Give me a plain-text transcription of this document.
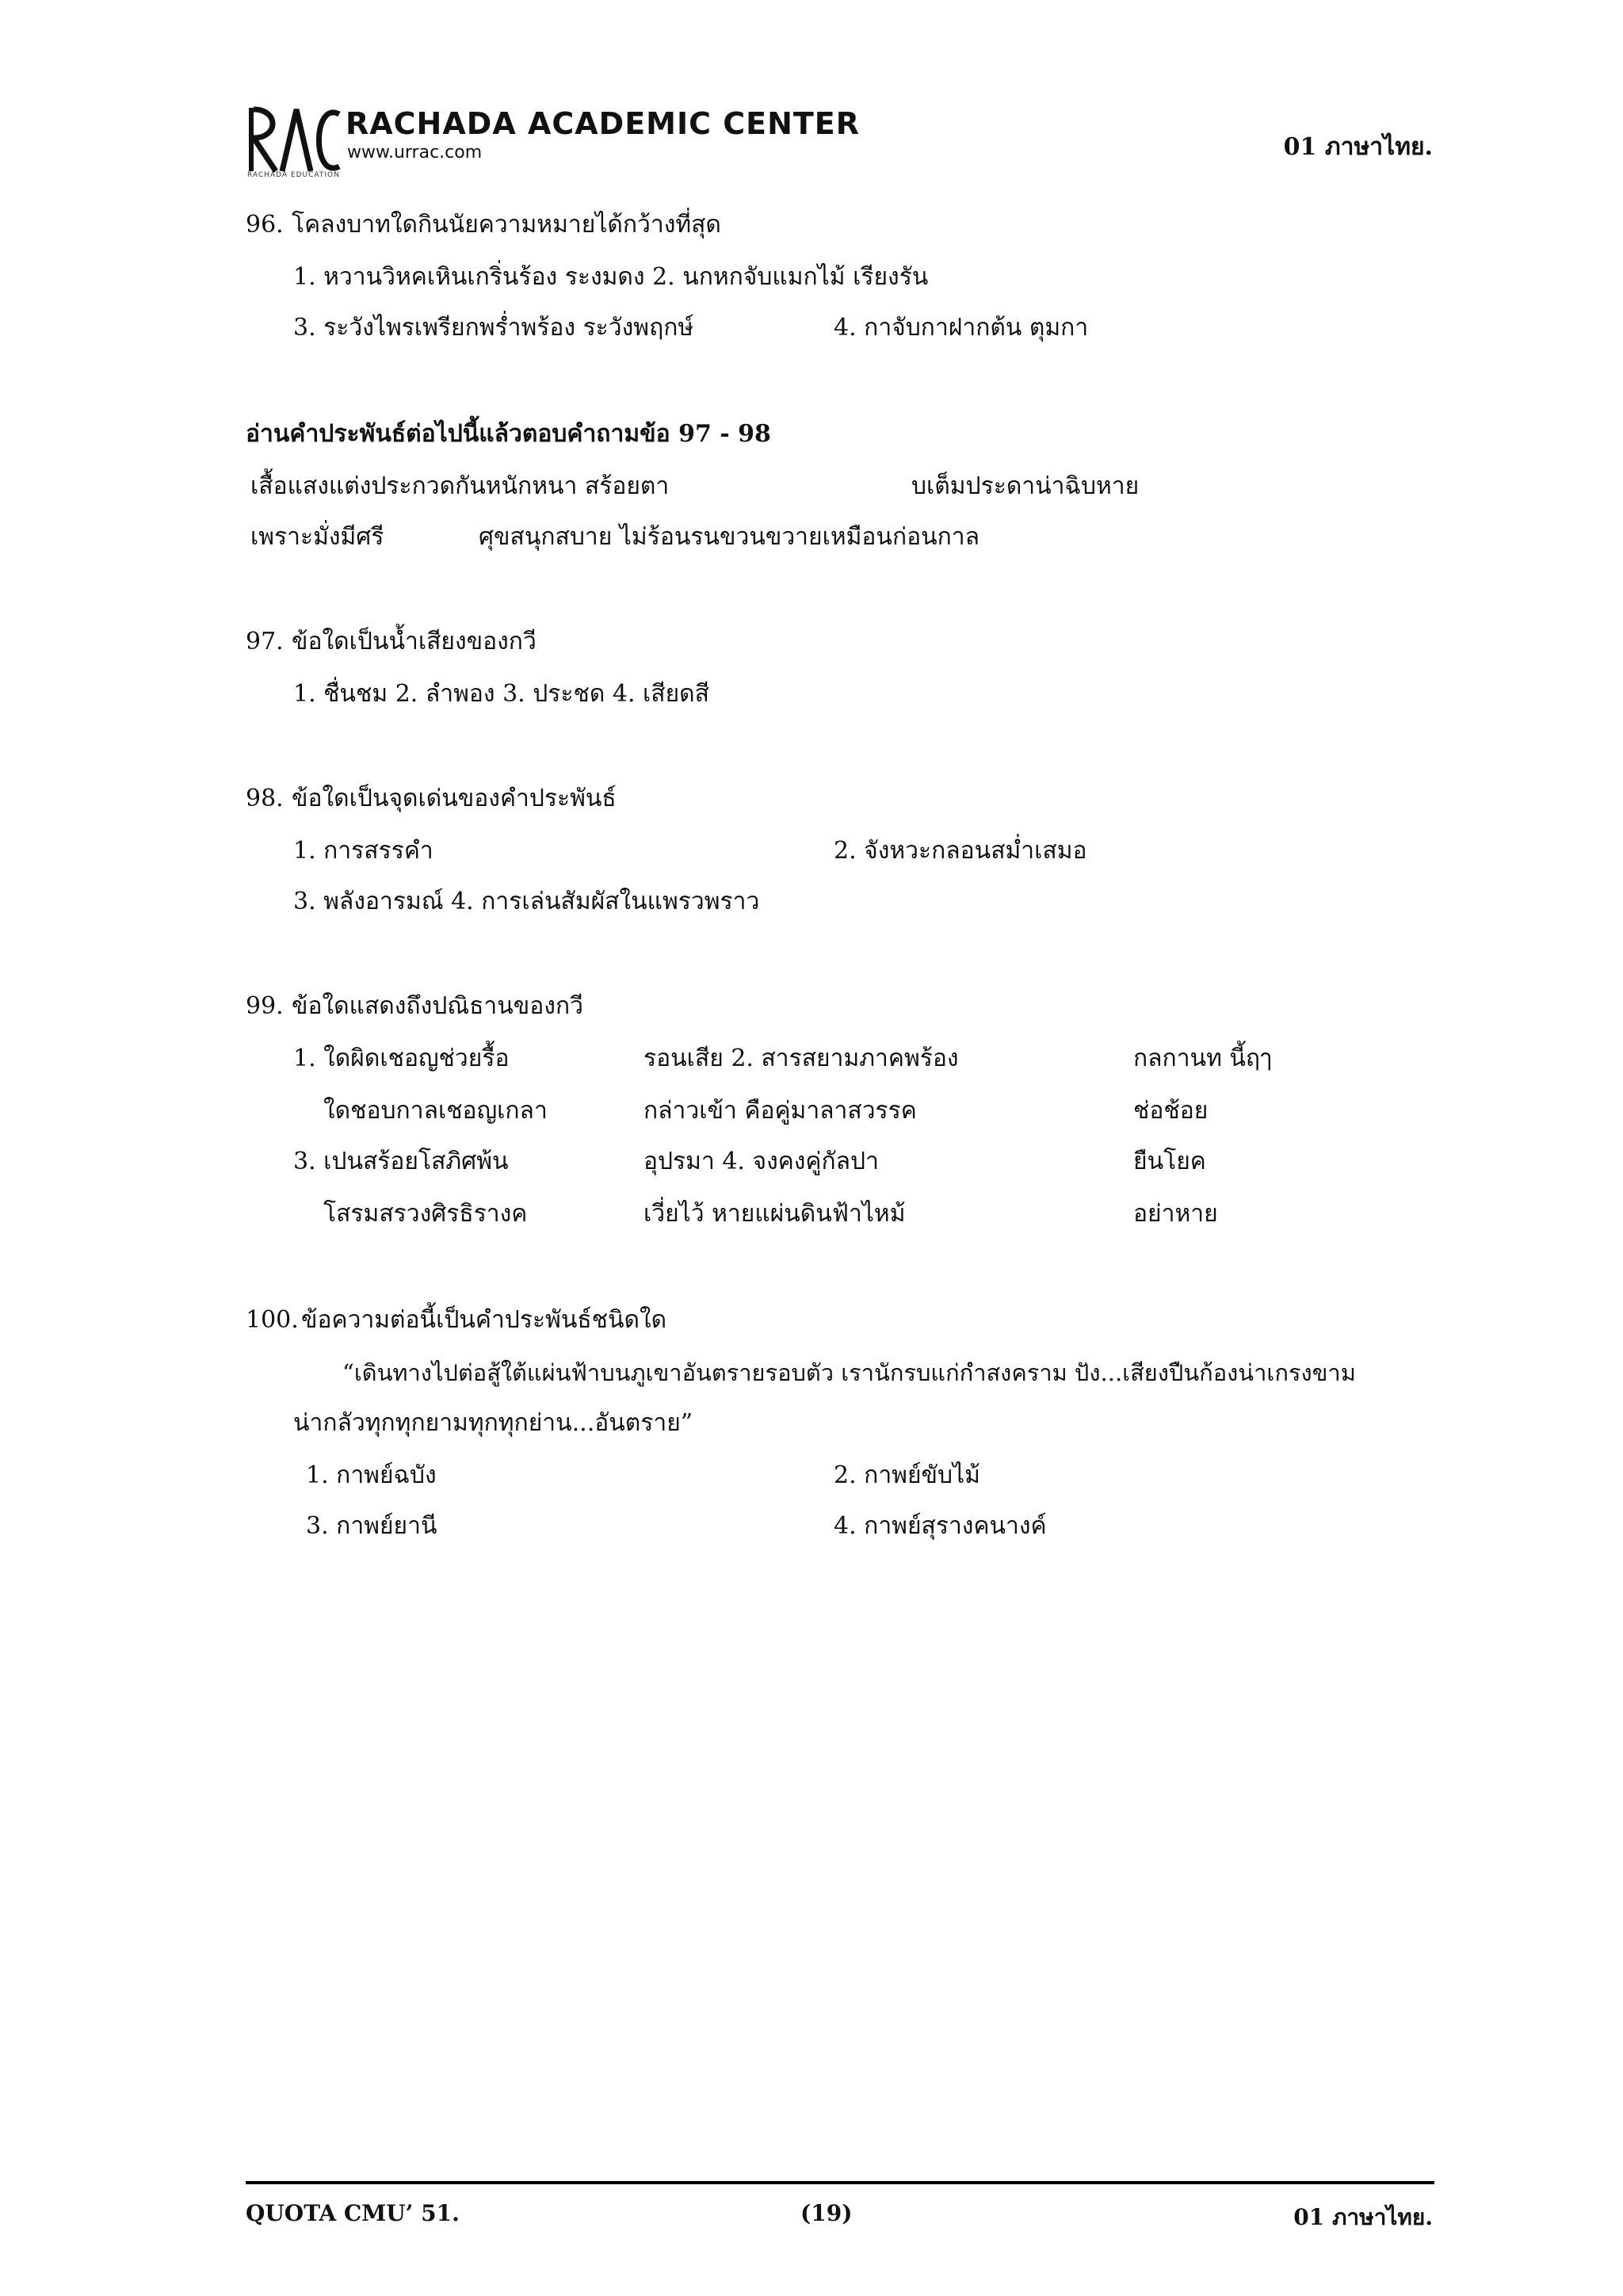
RAC
RACHADA ACADEMIC CENTER
www.urrac.com
RACHADA EDUCATION
01 ภาษาไทย.
96. โคลงบาทใดกินนัยความหมายได้กว้างที่สุด
1. หวานวิหคเหินเกริ่นร้อง ระงมดง 2. นกหกจับแมกไม้ เรียงรัน
3. ระวังไพรเพรียกพร่ำพร้อง ระวังพฤกษ์	4. กาจับกาฝากต้น ตุมกา
อ่านคำประพันธ์ต่อไปนี้แล้วตอบคำถามข้อ 97 - 98
เสื้อแสงแต่งประกวดกันหนักหนา สร้อยตา	บเต็มประดาน่าฉิบหาย
เพราะมั่งมีศรี	ศุขสนุกสบาย ไม่ร้อนรนขวนขวายเหมือนก่อนกาล
97. ข้อใดเป็นน้ำเสียงของกวี
1. ชื่นชม 2. ลำพอง 3. ประชด 4. เสียดสี
98. ข้อใดเป็นจุดเด่นของคำประพันธ์
1. การสรรคำ	2. จังหวะกลอนสม่ำเสมอ
3. พลังอารมณ์ 4. การเล่นสัมผัสในแพรวพราว
99. ข้อใดแสดงถึงปณิธานของกวี
1. ใดผิดเชอญช่วยรื้อ	รอนเสีย 2. สารสยามภาคพร้อง	กลกานท นี้ฤๅ
ใดชอบกาลเชอญเกลา	กล่าวเข้า คือคู่มาลาสวรรค	ช่อช้อย
3. เปนสร้อยโสภิศพ้น	อุปรมา 4. จงคงคู่กัลปา	ยืนโยค
โสรมสรวงศิรธิรางค	เวี่ยไว้ หายแผ่นดินฟ้าไหม้	อย่าหาย
100. ข้อความต่อนี้เป็นคำประพันธ์ชนิดใด
“เดินทางไปต่อสู้ใต้แผ่นฟ้าบนภูเขาอันตรายรอบตัว เรานักรบแก่กำสงคราม ปัง...เสียงปืนก้องน่าเกรงขาม
น่ากลัวทุกทุกยามทุกทุกย่าน...อันตราย”
1. กาพย์ฉบัง	2. กาพย์ขับไม้
3. กาพย์ยานี	4. กาพย์สุรางคนางค์
QUOTA CMU’ 51.	(19)	01 ภาษาไทย.
